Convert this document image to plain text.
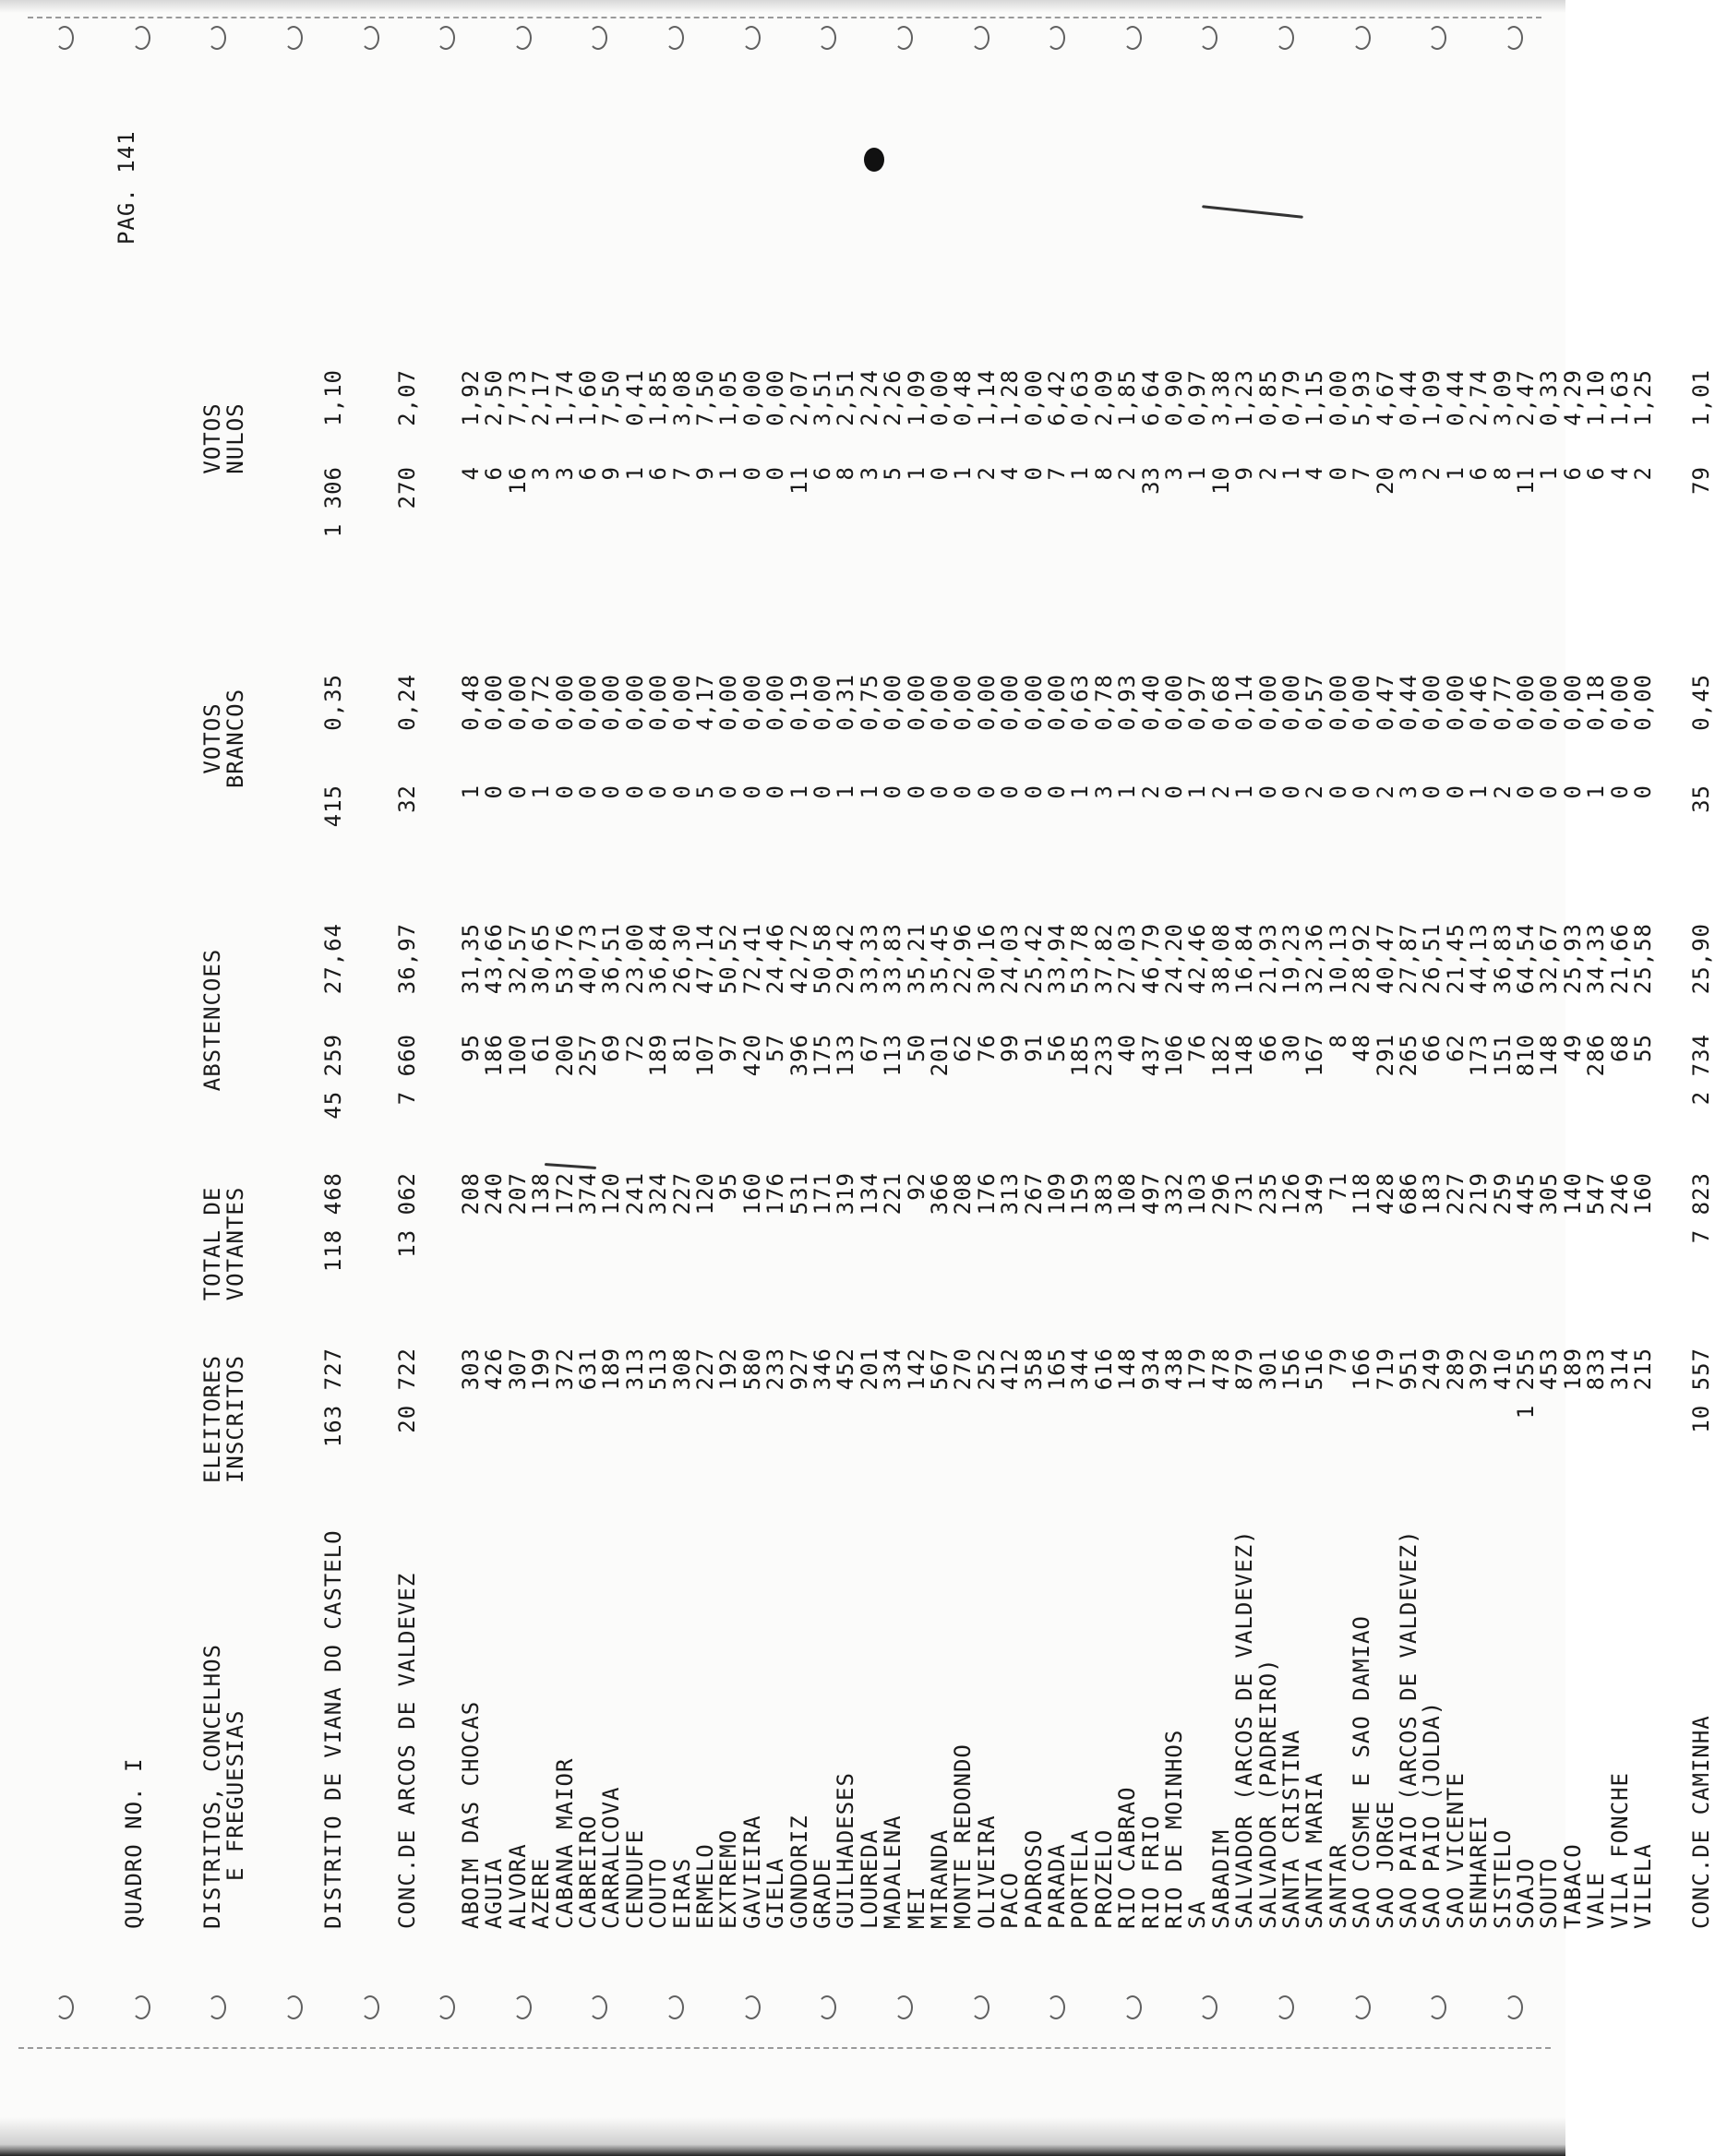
QUADRO NO. I
PAG. 141
DISTRITOS, CONCELHOS
E FREGUESIAS
ELEITORES
INSCRITOS
TOTAL DE
VOTANTES
ABSTENCOES
VOTOS
BRANCOS
VOTOS
NULOS
DISTRITO DE VIANA DO CASTELO
163 727
118 468
45 259
27,64
415
0,35
1 306
1,10
CONC.DE ARCOS DE VALDEVEZ
20 722
13 062
7 660
36,97
32
0,24
270
2,07
ABOIM DAS CHOCAS
303
208
95
31,35
1
0,48
4
1,92
AGUIA
426
240
186
43,66
0
0,00
6
2,50
ALVORA
307
207
100
32,57
0
0,00
16
7,73
AZERE
199
138
61
30,65
1
0,72
3
2,17
CABANA MAIOR
372
172
200
53,76
0
0,00
3
1,74
CABREIRO
631
374
257
40,73
0
0,00
6
1,60
CARRALCOVA
189
120
69
36,51
0
0,00
9
7,50
CENDUFE
313
241
72
23,00
0
0,00
1
0,41
COUTO
513
324
189
36,84
0
0,00
6
1,85
EIRAS
308
227
81
26,30
0
0,00
7
3,08
ERMELO
227
120
107
47,14
5
4,17
9
7,50
EXTREMO
192
95
97
50,52
0
0,00
1
1,05
GAVIEIRA
580
160
420
72,41
0
0,00
0
0,00
GIELA
233
176
57
24,46
0
0,00
0
0,00
GONDORIZ
927
531
396
42,72
1
0,19
11
2,07
GRADE
346
171
175
50,58
0
0,00
6
3,51
GUILHADESES
452
319
133
29,42
1
0,31
8
2,51
LOUREDA
201
134
67
33,33
1
0,75
3
2,24
MADALENA
334
221
113
33,83
0
0,00
5
2,26
MEI
142
92
50
35,21
0
0,00
1
1,09
MIRANDA
567
366
201
35,45
0
0,00
0
0,00
MONTE REDONDO
270
208
62
22,96
0
0,00
1
0,48
OLIVEIRA
252
176
76
30,16
0
0,00
2
1,14
PACO
412
313
99
24,03
0
0,00
4
1,28
PADROSO
358
267
91
25,42
0
0,00
0
0,00
PARADA
165
109
56
33,94
0
0,00
7
6,42
PORTELA
344
159
185
53,78
1
0,63
1
0,63
PROZELO
616
383
233
37,82
3
0,78
8
2,09
RIO CABRAO
148
108
40
27,03
1
0,93
2
1,85
RIO FRIO
934
497
437
46,79
2
0,40
33
6,64
RIO DE MOINHOS
438
332
106
24,20
0
0,00
3
0,90
SA
179
103
76
42,46
1
0,97
1
0,97
SABADIM
478
296
182
38,08
2
0,68
10
3,38
SALVADOR (ARCOS DE VALDEVEZ)
879
731
148
16,84
1
0,14
9
1,23
SALVADOR (PADREIRO)
301
235
66
21,93
0
0,00
2
0,85
SANTA CRISTINA
156
126
30
19,23
0
0,00
1
0,79
SANTA MARIA
516
349
167
32,36
2
0,57
4
1,15
SANTAR
79
71
8
10,13
0
0,00
0
0,00
SAO COSME E SAO DAMIAO
166
118
48
28,92
0
0,00
7
5,93
SAO JORGE
719
428
291
40,47
2
0,47
20
4,67
SAO PAIO (ARCOS DE VALDEVEZ)
951
686
265
27,87
3
0,44
3
0,44
SAO PAIO (JOLDA)
249
183
66
26,51
0
0,00
2
1,09
SAO VICENTE
289
227
62
21,45
0
0,00
1
0,44
SENHAREI
392
219
173
44,13
1
0,46
6
2,74
SISTELO
410
259
151
36,83
2
0,77
8
3,09
SOAJO
1 255
445
810
64,54
0
0,00
11
2,47
SOUTO
453
305
148
32,67
0
0,00
1
0,33
TABACO
189
140
49
25,93
0
0,00
6
4,29
VALE
833
547
286
34,33
1
0,18
6
1,10
VILA FONCHE
314
246
68
21,66
0
0,00
4
1,63
VILELA
215
160
55
25,58
0
0,00
2
1,25
CONC.DE CAMINHA
10 557
7 823
2 734
25,90
35
0,45
79
1,01
